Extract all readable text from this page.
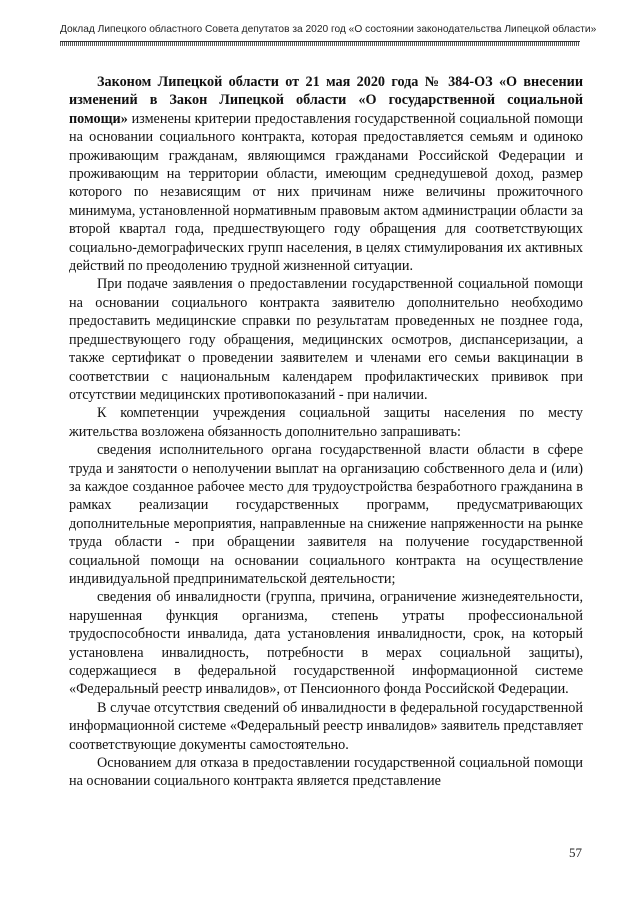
Доклад Липецкого областного Совета депутатов за 2020 год «О состоянии законодательства Липецкой области»

Законом Липецкой области от 21 мая 2020 года № 384-ОЗ «О внесении изменений в Закон Липецкой области «О государственной социальной помощи» изменены критерии предоставления государственной социальной помощи на основании социального контракта, которая предоставляется семьям и одиноко проживающим гражданам, являющимся гражданами Российской Федерации и проживающим на территории области, имеющим среднедушевой доход, размер которого по независящим от них причинам ниже величины прожиточного минимума, установленной нормативным правовым актом администрации области за второй квартал года, предшествующего году обращения для соответствующих социально-демографических групп населения, в целях стимулирования их активных действий по преодолению трудной жизненной ситуации.

При подаче заявления о предоставлении государственной социальной помощи на основании социального контракта заявителю дополнительно необходимо предоставить медицинские справки по результатам проведенных не позднее года, предшествующего году обращения, медицинских осмотров, диспансеризации, а также сертификат о проведении заявителем и членами его семьи вакцинации в соответствии с национальным календарем профилактических прививок при отсутствии медицинских противопоказаний - при наличии.

К компетенции учреждения социальной защиты населения по месту жительства возложена обязанность дополнительно запрашивать:

сведения исполнительного органа государственной власти области в сфере труда и занятости о неполучении выплат на организацию собственного дела и (или) за каждое созданное рабочее место для трудоустройства безработного гражданина в рамках реализации государственных программ, предусматривающих дополнительные мероприятия, направленные на снижение напряженности на рынке труда области - при обращении заявителя на получение государственной социальной помощи на основании социального контракта на осуществление индивидуальной предпринимательской деятельности;

сведения об инвалидности (группа, причина, ограничение жизнедеятельности, нарушенная функция организма, степень утраты профессиональной трудоспособности инвалида, дата установления инвалидности, срок, на который установлена инвалидность, потребности в мерах социальной защиты), содержащиеся в федеральной государственной информационной системе «Федеральный реестр инвалидов», от Пенсионного фонда Российской Федерации.

В случае отсутствия сведений об инвалидности в федеральной государственной информационной системе «Федеральный реестр инвалидов» заявитель представляет соответствующие документы самостоятельно.

Основанием для отказа в предоставлении государственной социальной помощи на основании социального контракта является представление

57
